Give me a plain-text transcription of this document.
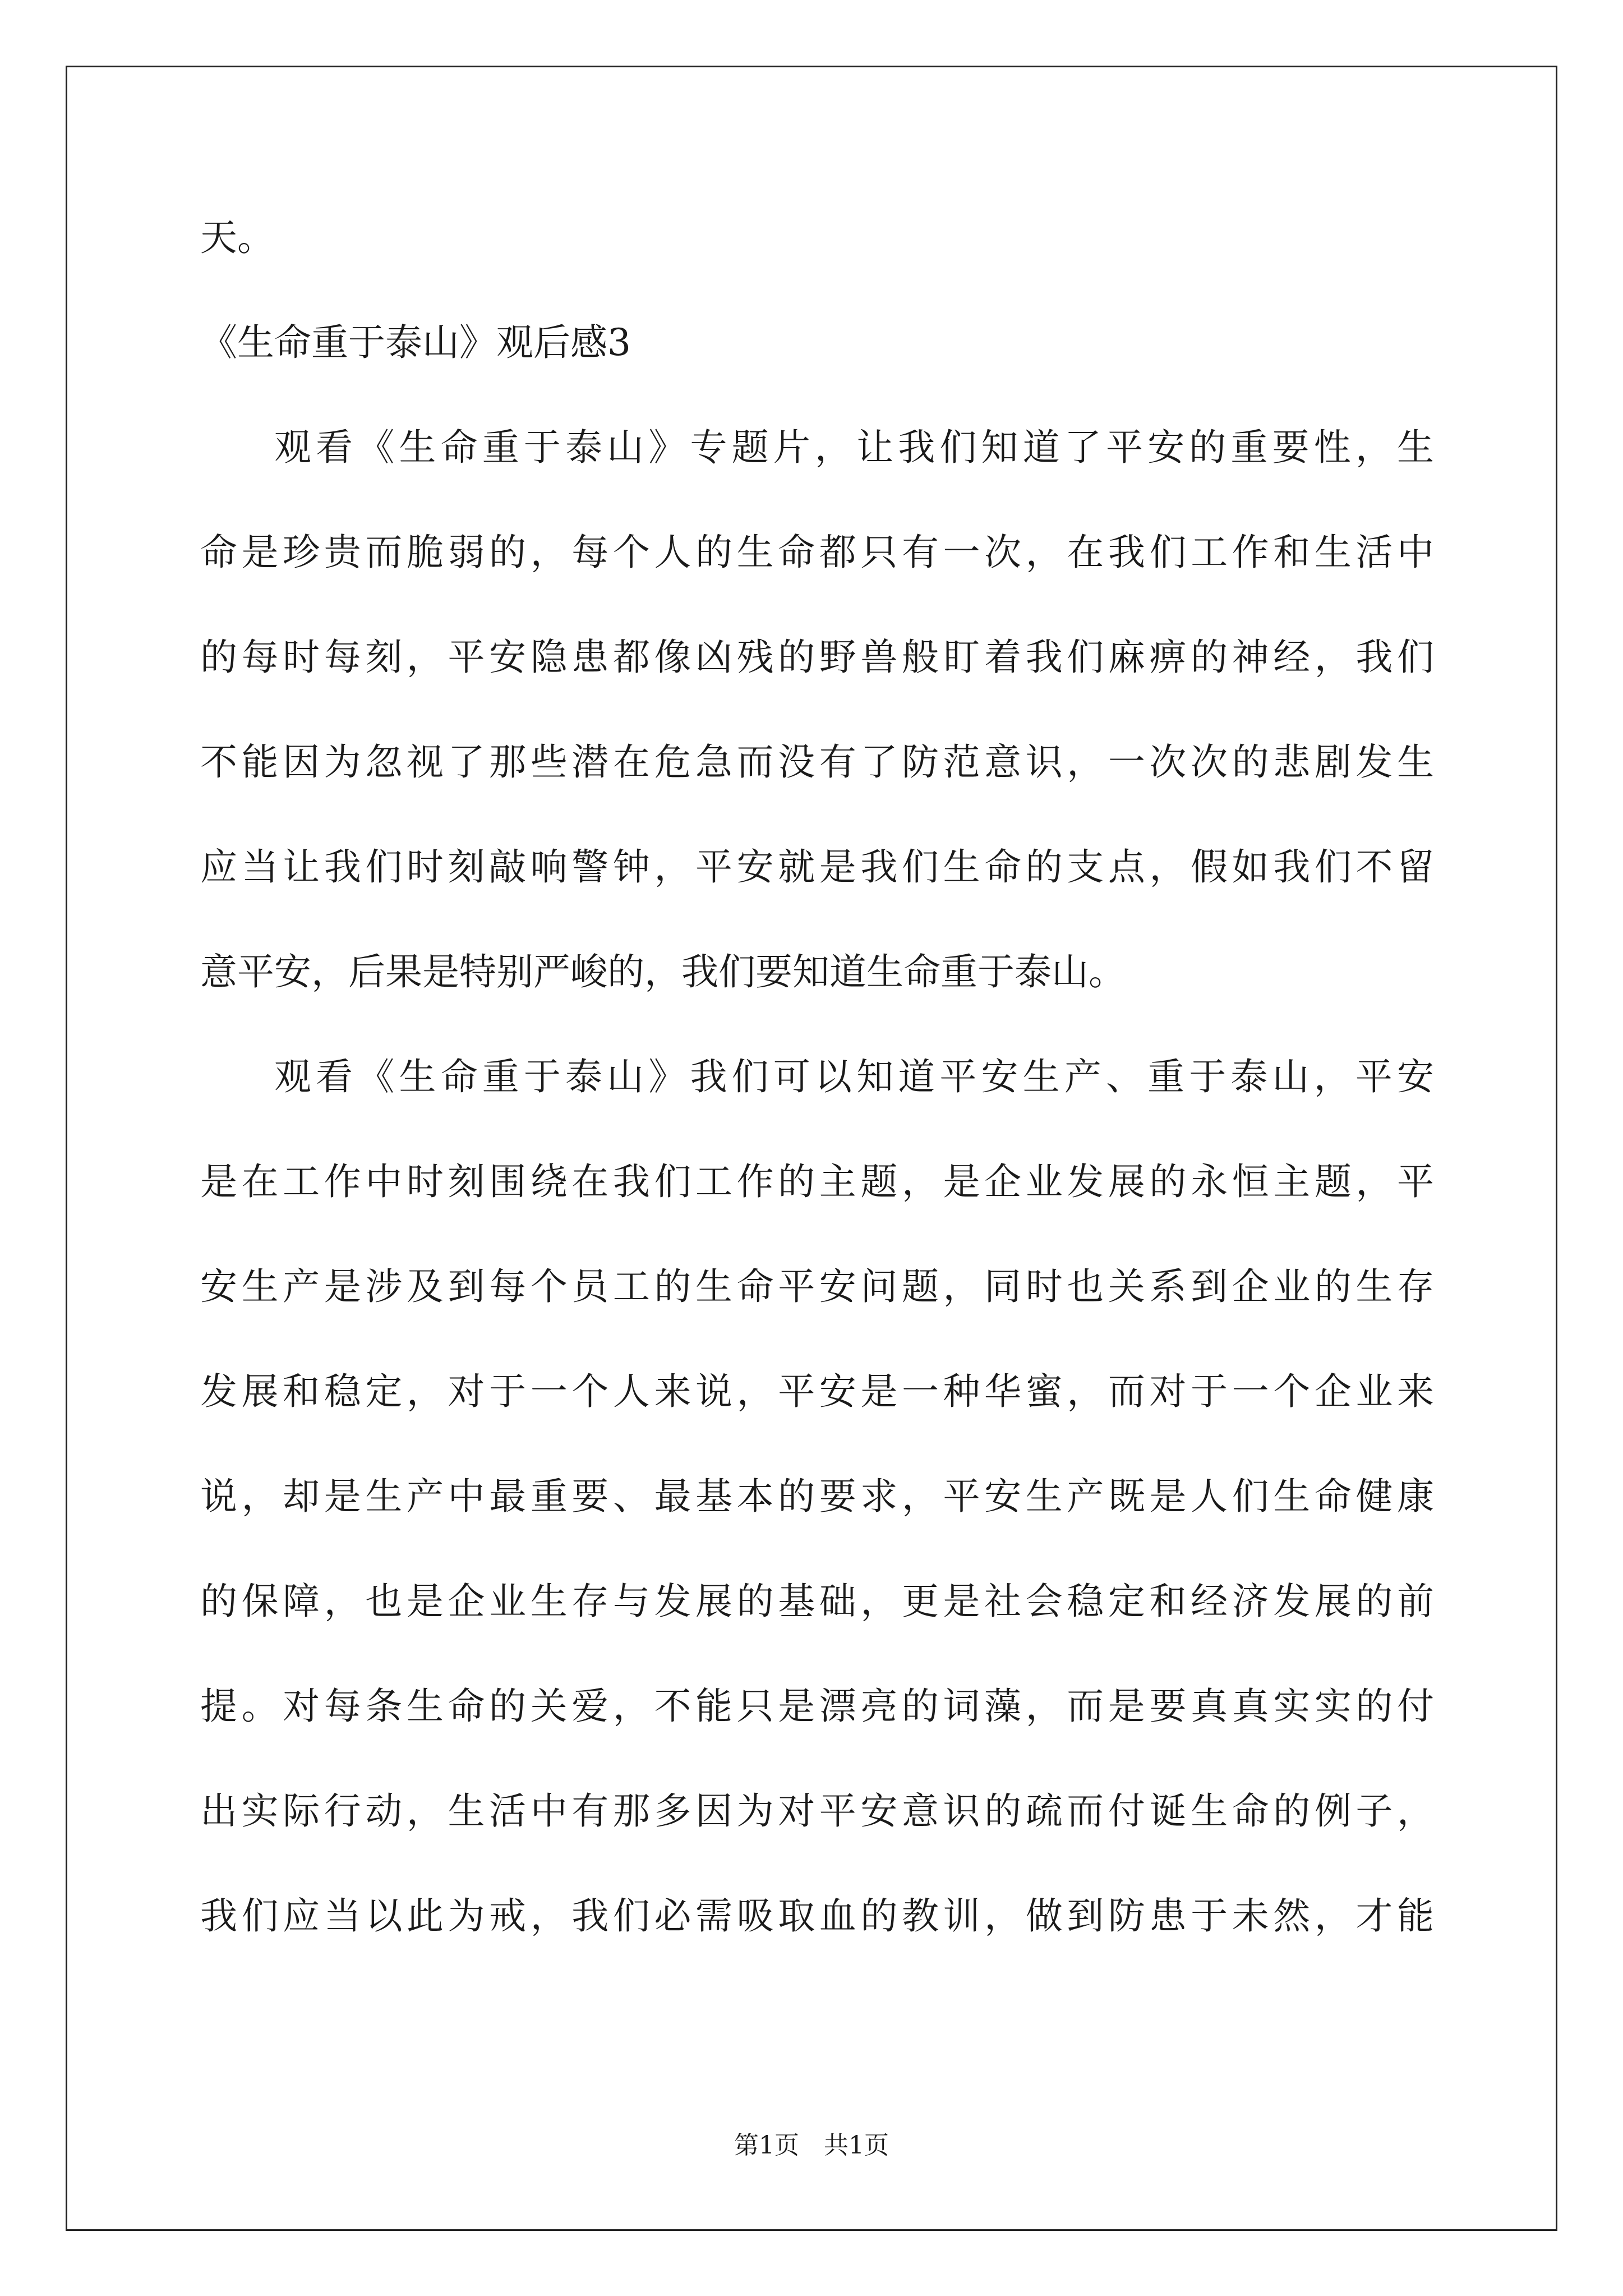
天。
《生命重于泰山》观后感3
观看《生命重于泰山》专题片，让我们知道了平安的重要性，生
命是珍贵而脆弱的，每个人的生命都只有一次，在我们工作和生活中
的每时每刻，平安隐患都像凶残的野兽般盯着我们麻痹的神经，我们
不能因为忽视了那些潜在危急而没有了防范意识，一次次的悲剧发生
应当让我们时刻敲响警钟，平安就是我们生命的支点，假如我们不留
意平安，后果是特别严峻的，我们要知道生命重于泰山。
观看《生命重于泰山》我们可以知道平安生产、重于泰山，平安
是在工作中时刻围绕在我们工作的主题，是企业发展的永恒主题，平
安生产是涉及到每个员工的生命平安问题，同时也关系到企业的生存
发展和稳定，对于一个人来说，平安是一种华蜜，而对于一个企业来
说，却是生产中最重要、最基本的要求，平安生产既是人们生命健康
的保障，也是企业生存与发展的基础，更是社会稳定和经济发展的前
提。对每条生命的关爱，不能只是漂亮的词藻，而是要真真实实的付
出实际行动，生活中有那多因为对平安意识的疏而付诞生命的例子，
我们应当以此为戒，我们必需吸取血的教训，做到防患于未然，才能
第1页　共1页
